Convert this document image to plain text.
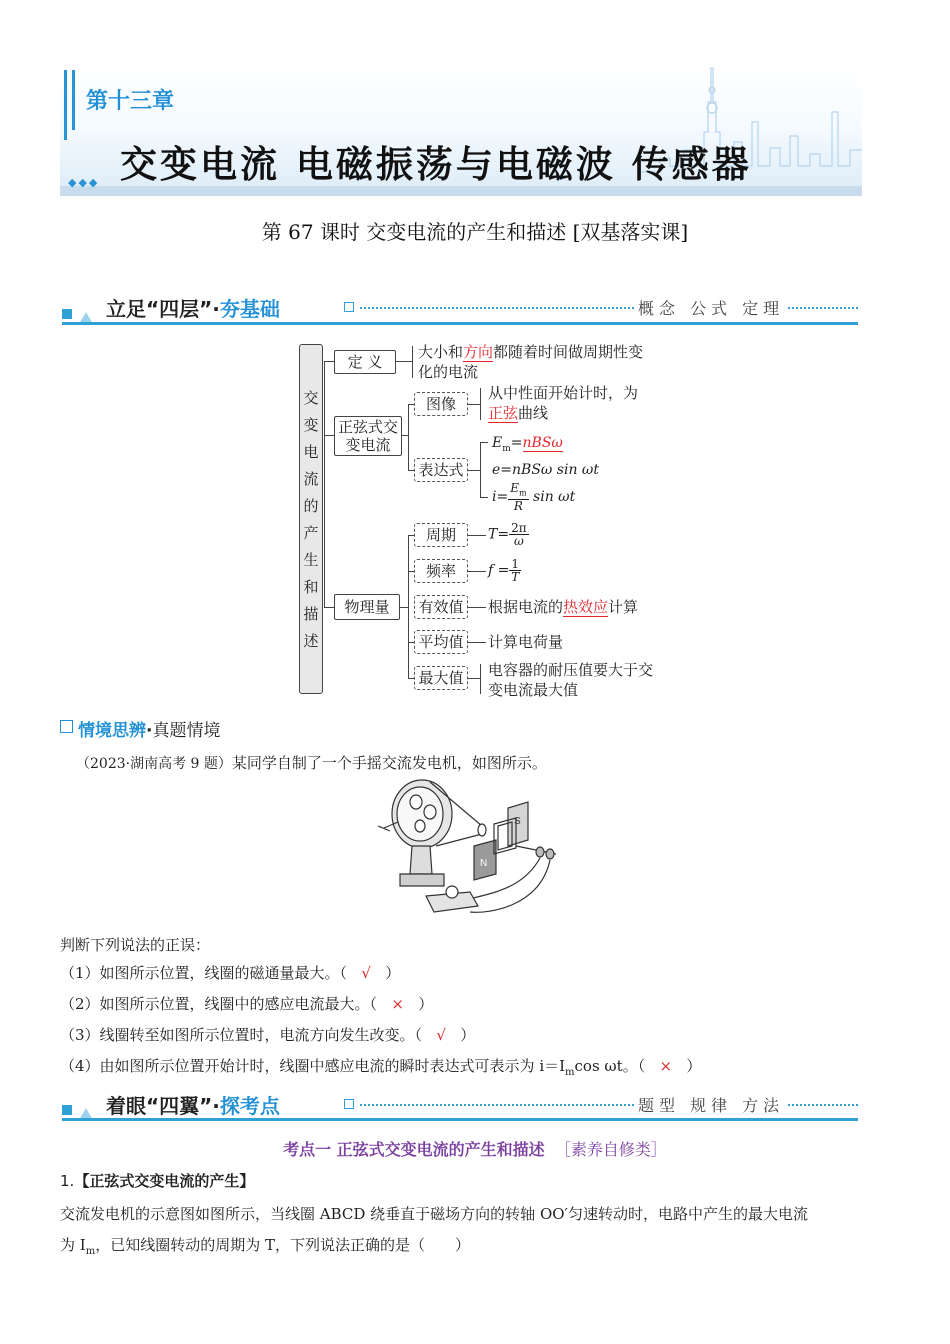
第十三章
交变电流 电磁振荡与电磁波 传感器
◆◆◆
第 67 课时 交变电流的产生和描述 [双基落实课]
立足“四层”·夯基础	概念 公式 定理
交
变
电
流
的
产
生
和
描
述
定 义
大小和方向都随着时间做周期性变
化的电流
正弦式交
变电流
图像
从中性面开始计时，为
正弦曲线
表达式
$E_m=nBS\omega$
e=nBSω sin ωt
$i= \frac{E_m}{R}$ sin ωt
物理量
周期	$T= \frac{2\pi}{\omega}$
频率	$f = \frac{1}{T}$
有效值	根据电流的热效应计算
平均值	计算电荷量
最大值	电容器的耐压值要大于交
变电流最大值
情境思辨·真题情境
（2023·湖南高考 9 题）某同学自制了一个手摇交流发电机，如图所示。
N
S
判断下列说法的正误：
（1）如图所示位置，线圈的磁通量最大。（ √ ）
（2）如图所示位置，线圈中的感应电流最大。（ × ）
（3）线圈转至如图所示位置时，电流方向发生改变。（ √ ）
（4）由如图所示位置开始计时，线圈中感应电流的瞬时表达式可表示为 $i=I_m\cos$ ωt。（ × ）
着眼“四翼”·探考点	题型 规律 方法
考点一 正弦式交变电流的产生和描述 ［素养自修类］
1.【正弦式交变电流的产生】
交流发电机的示意图如图所示，当线圈 ABCD 绕垂直于磁场方向的转轴 OO′匀速转动时，电路中产生的最大电流
为 $I_m$，已知线圈转动的周期为 T，下列说法正确的是（　　）
